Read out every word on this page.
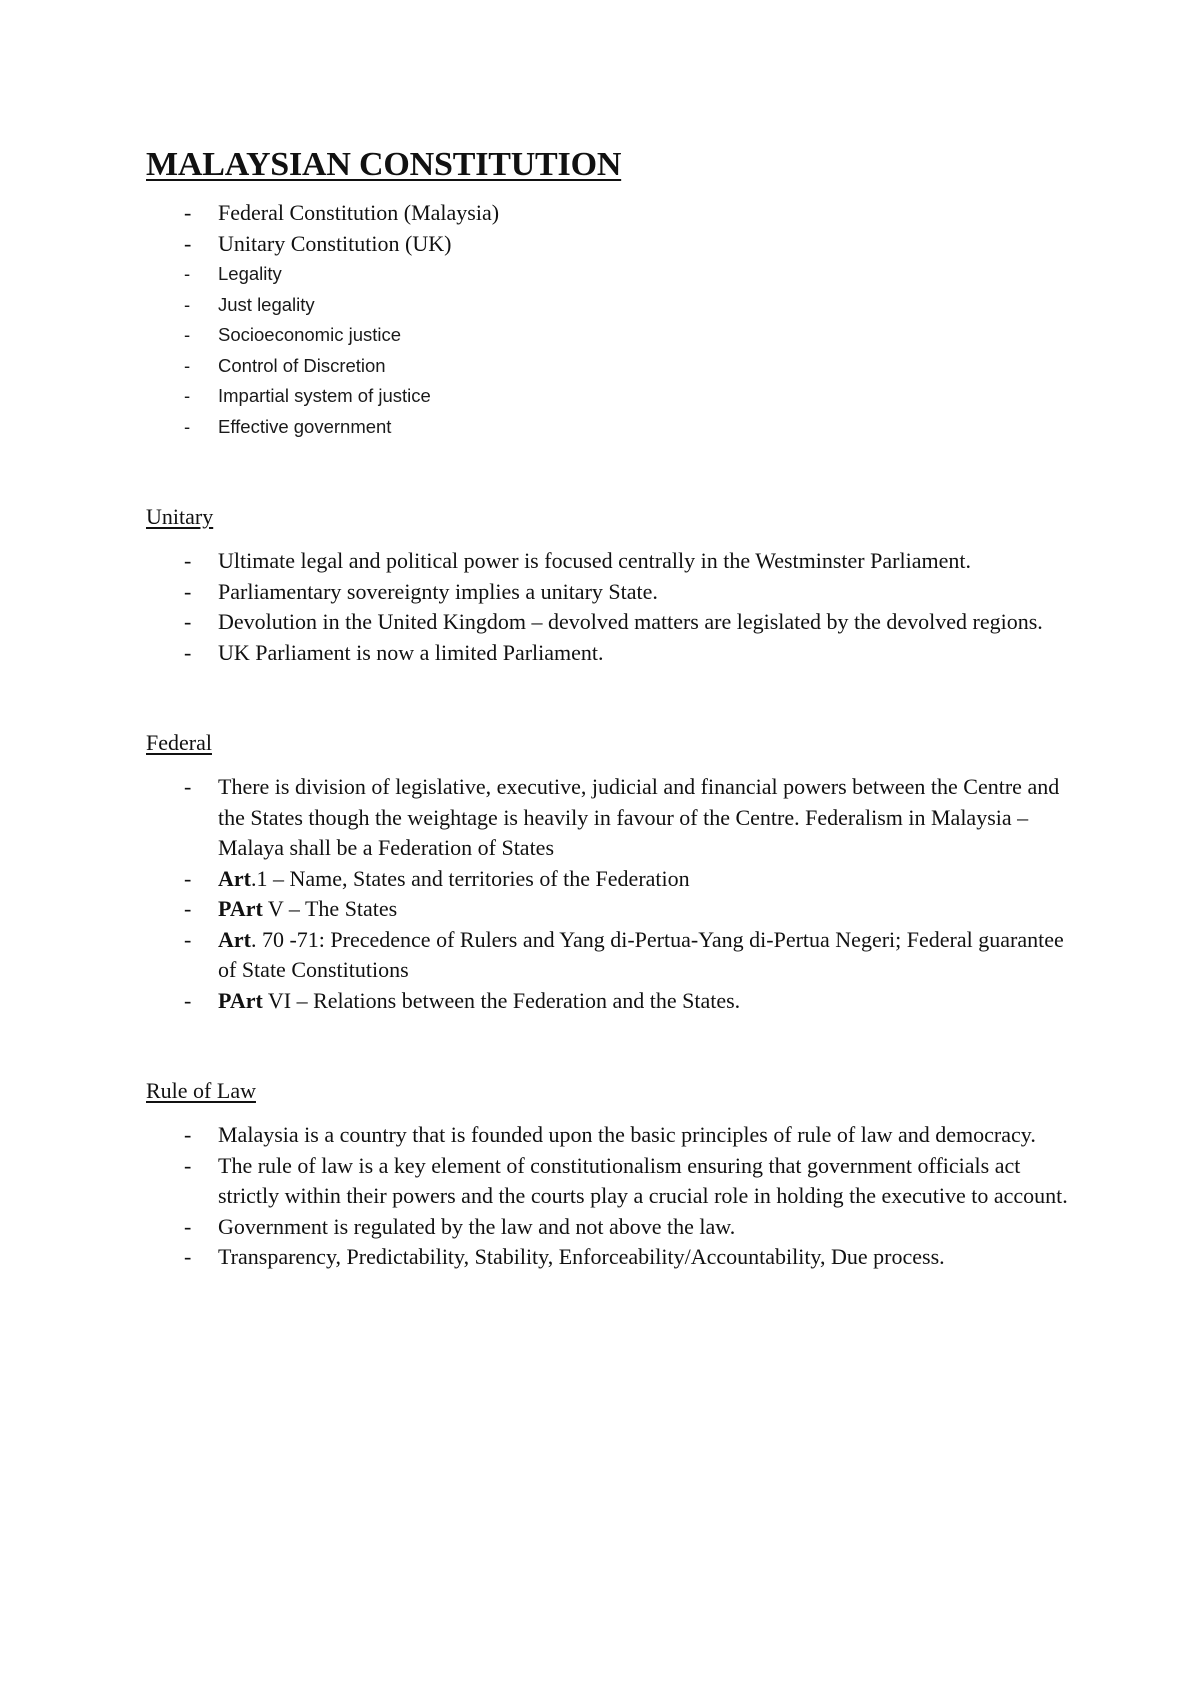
MALAYSIAN CONSTITUTION
- Federal Constitution (Malaysia)
- Unitary Constitution (UK)
- Legality
- Just legality
- Socioeconomic justice
- Control of Discretion
- Impartial system of justice
- Effective government
Unitary
- Ultimate legal and political power is focused centrally in the Westminster Parliament.
- Parliamentary sovereignty implies a unitary State.
- Devolution in the United Kingdom – devolved matters are legislated by the devolved regions.
- UK Parliament is now a limited Parliament.
Federal
- There is division of legislative, executive, judicial and financial powers between the Centre and the States though the weightage is heavily in favour of the Centre. Federalism in Malaysia – Malaya shall be a Federation of States
- Art.1 – Name, States and territories of the Federation
- PArt V – The States
- Art. 70 -71: Precedence of Rulers and Yang di-Pertua-Yang di-Pertua Negeri; Federal guarantee of State Constitutions
- PArt VI – Relations between the Federation and the States.
Rule of Law
- Malaysia is a country that is founded upon the basic principles of rule of law and democracy.
- The rule of law is a key element of constitutionalism ensuring that government officials act strictly within their powers and the courts play a crucial role in holding the executive to account.
- Government is regulated by the law and not above the law.
- Transparency, Predictability, Stability, Enforceability/Accountability, Due process.
